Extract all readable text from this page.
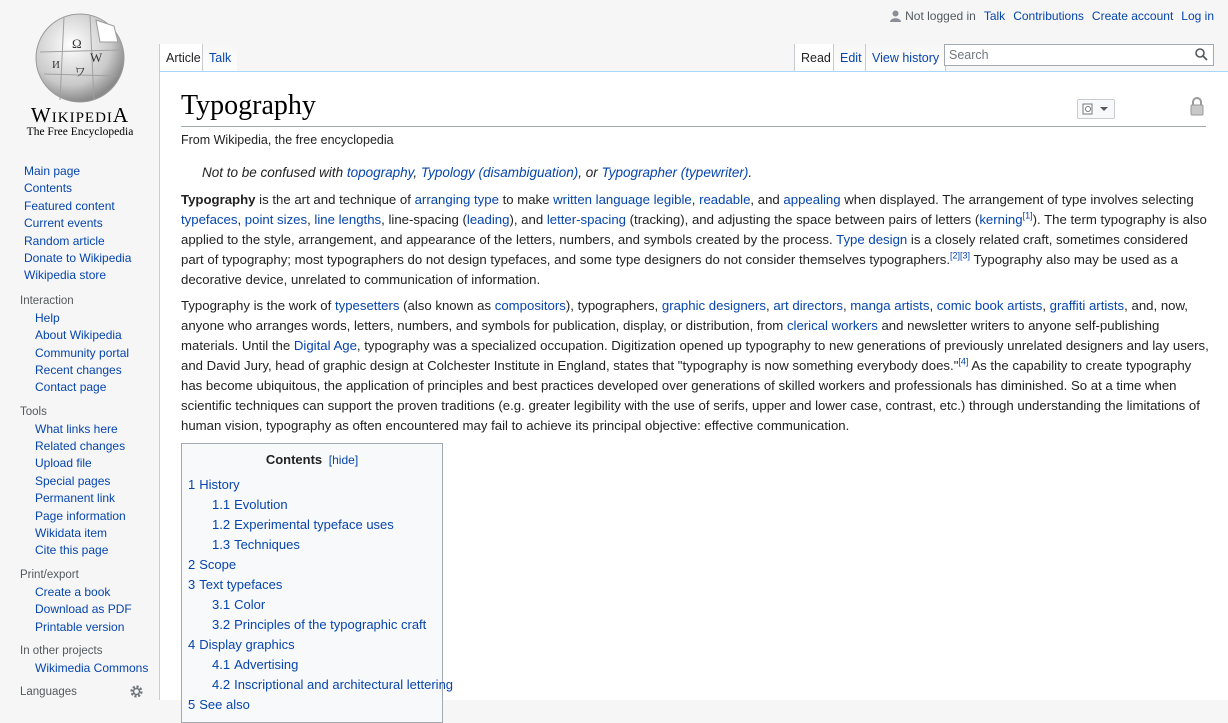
Ω
W
И ワ
WIKIPEDIA
The Free Encyclopedia
Not logged in Talk Contributions Create account Log in
Article Talk	Read Edit View history Search
Typography
From Wikipedia, the free encyclopedia
Not to be confused with topography, Typology (disambiguation), or Typographer (typewriter).
Typography is the art and technique of arranging type to make written language legible, readable, and appealing when displayed. The arrangement of type involves selecting typefaces, point sizes, line lengths, line-spacing (leading), and letter-spacing (tracking), and adjusting the space between pairs of letters (kerning[1]). The term typography is also applied to the style, arrangement, and appearance of the letters, numbers, and symbols created by the process. Type design is a closely related craft, sometimes considered part of typography; most typographers do not design typefaces, and some type designers do not consider themselves typographers.[2][3] Typography also may be used as a decorative device, unrelated to communication of information.
Typography is the work of typesetters (also known as compositors), typographers, graphic designers, art directors, manga artists, comic book artists, graffiti artists, and, now, anyone who arranges words, letters, numbers, and symbols for publication, display, or distribution, from clerical workers and newsletter writers to anyone self-publishing materials. Until the Digital Age, typography was a specialized occupation. Digitization opened up typography to new generations of previously unrelated designers and lay users, and David Jury, head of graphic design at Colchester Institute in England, states that "typography is now something everybody does."[4] As the capability to create typography has become ubiquitous, the application of principles and best practices developed over generations of skilled workers and professionals has diminished. So at a time when scientific techniques can support the proven traditions (e.g. greater legibility with the use of serifs, upper and lower case, contrast, etc.) through understanding the limitations of human vision, typography as often encountered may fail to achieve its principal objective: effective communication.
Contents [hide]
1 History
1.1 Evolution
1.2 Experimental typeface uses
1.3 Techniques
2 Scope
3 Text typefaces
3.1 Color
3.2 Principles of the typographic craft
4 Display graphics
4.1 Advertising
4.2 Inscriptional and architectural lettering
5 See also
Main page
Contents
Featured content
Current events
Random article
Donate to Wikipedia
Wikipedia store
Interaction
Help
About Wikipedia
Community portal
Recent changes
Contact page
Tools
What links here
Related changes
Upload file
Special pages
Permanent link
Page information
Wikidata item
Cite this page
Print/export
Create a book
Download as PDF
Printable version
In other projects
Wikimedia Commons
Languages
